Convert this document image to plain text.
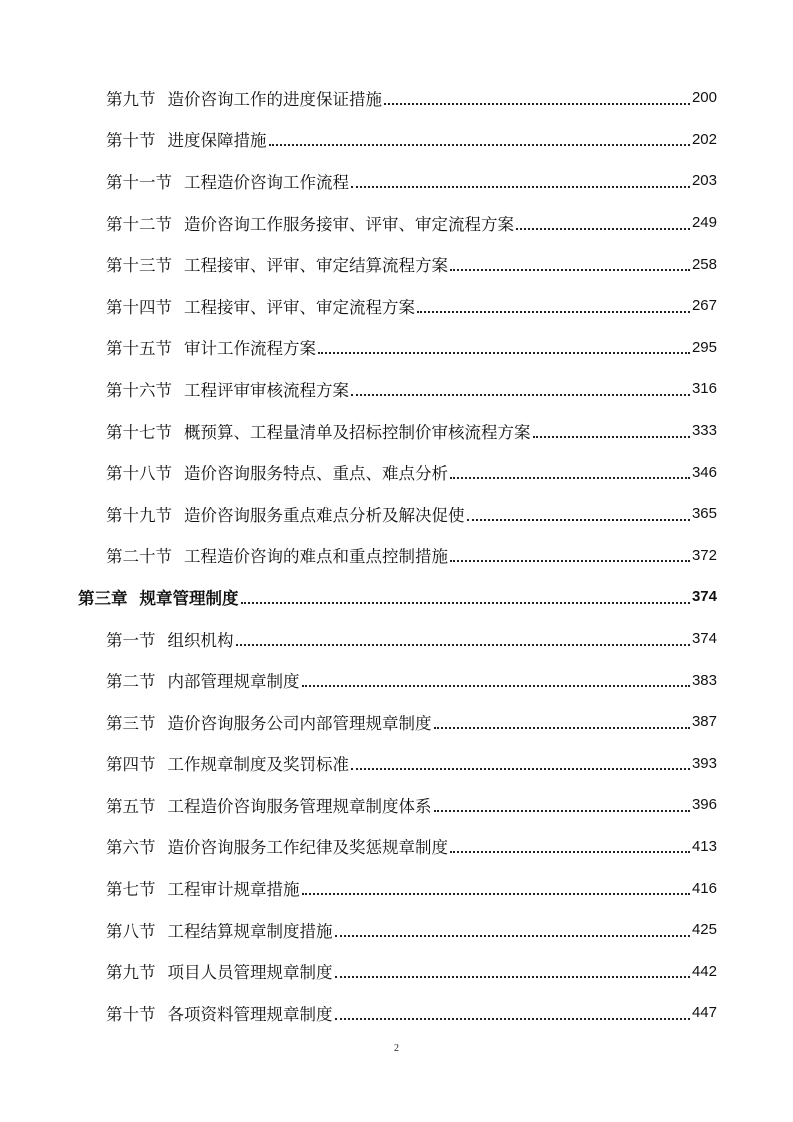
第九节 造价咨询工作的进度保证措施	200
第十节 进度保障措施	202
第十一节 工程造价咨询工作流程	203
第十二节 造价咨询工作服务接审、评审、审定流程方案	249
第十三节 工程接审、评审、审定结算流程方案	258
第十四节 工程接审、评审、审定流程方案	267
第十五节 审计工作流程方案	295
第十六节 工程评审审核流程方案	316
第十七节 概预算、工程量清单及招标控制价审核流程方案	333
第十八节 造价咨询服务特点、重点、难点分析	346
第十九节 造价咨询服务重点难点分析及解决促使	365
第二十节 工程造价咨询的难点和重点控制措施	372
第三章 规章管理制度	374
第一节 组织机构	374
第二节 内部管理规章制度	383
第三节 造价咨询服务公司内部管理规章制度	387
第四节 工作规章制度及奖罚标准	393
第五节 工程造价咨询服务管理规章制度体系	396
第六节 造价咨询服务工作纪律及奖惩规章制度	413
第七节 工程审计规章措施	416
第八节 工程结算规章制度措施	425
第九节 项目人员管理规章制度	442
第十节 各项资料管理规章制度	447
2
